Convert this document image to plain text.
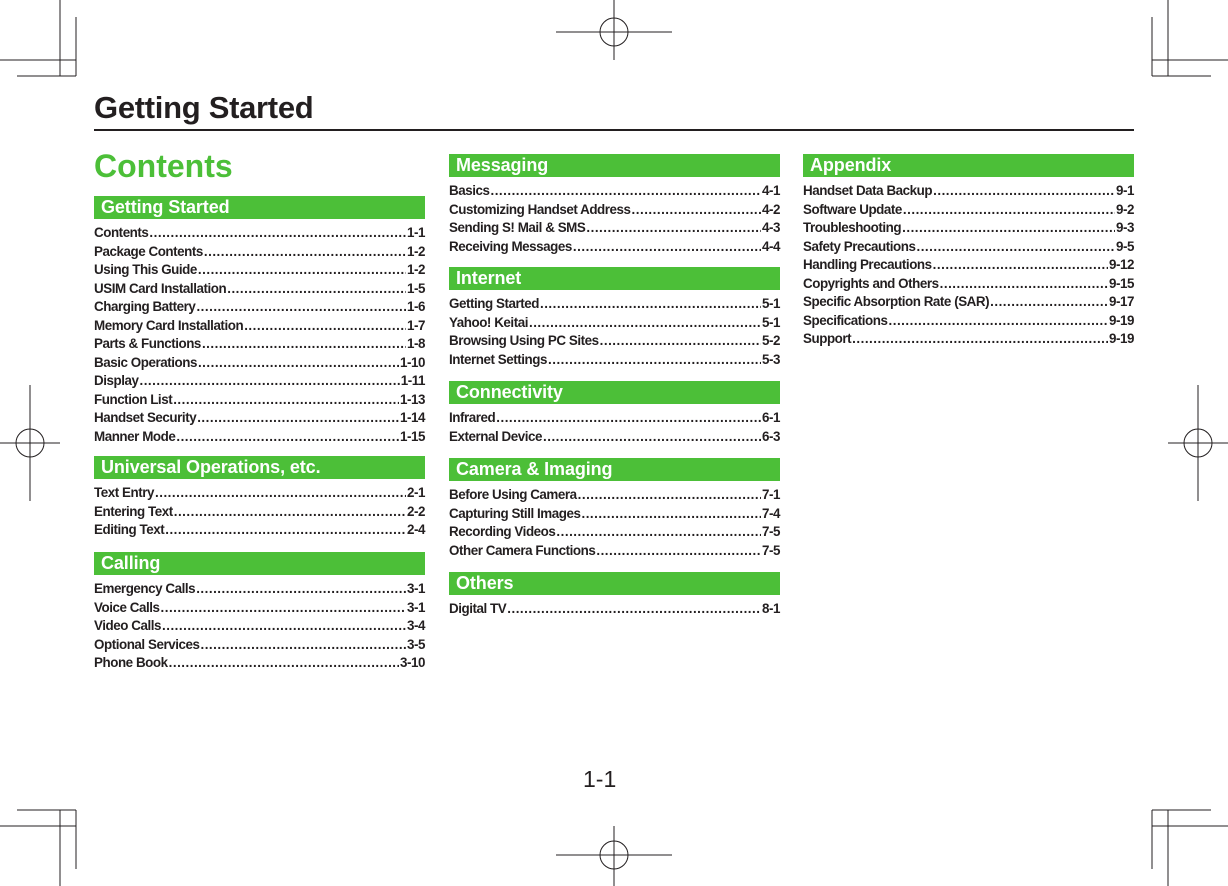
Getting Started
Contents
Getting Started
Contents .....	1-1
Package Contents .....	1-2
Using This Guide .....	1-2
USIM Card Installation .....	1-5
Charging Battery .....	1-6
Memory Card Installation .....	1-7
Parts & Functions .....	1-8
Basic Operations .....	1-10
Display .....	1-11
Function List .....	1-13
Handset Security .....	1-14
Manner Mode .....	1-15
Universal Operations, etc.
Text Entry .....	2-1
Entering Text .....	2-2
Editing Text .....	2-4
Calling
Emergency Calls .....	3-1
Voice Calls .....	3-1
Video Calls .....	3-4
Optional Services .....	3-5
Phone Book .....	3-10
Messaging
Basics .....	4-1
Customizing Handset Address .....	4-2
Sending S! Mail & SMS .....	4-3
Receiving Messages .....	4-4
Internet
Getting Started .....	5-1
Yahoo! Keitai .....	5-1
Browsing Using PC Sites .....	5-2
Internet Settings .....	5-3
Connectivity
Infrared .....	6-1
External Device .....	6-3
Camera & Imaging
Before Using Camera .....	7-1
Capturing Still Images .....	7-4
Recording Videos .....	7-5
Other Camera Functions .....	7-5
Others
Digital TV .....	8-1
Appendix
Handset Data Backup .....	9-1
Software Update .....	9-2
Troubleshooting .....	9-3
Safety Precautions .....	9-5
Handling Precautions .....	9-12
Copyrights and Others .....	9-15
Specific Absorption Rate (SAR) .....	9-17
Specifications .....	9-19
Support .....	9-19
1-1
